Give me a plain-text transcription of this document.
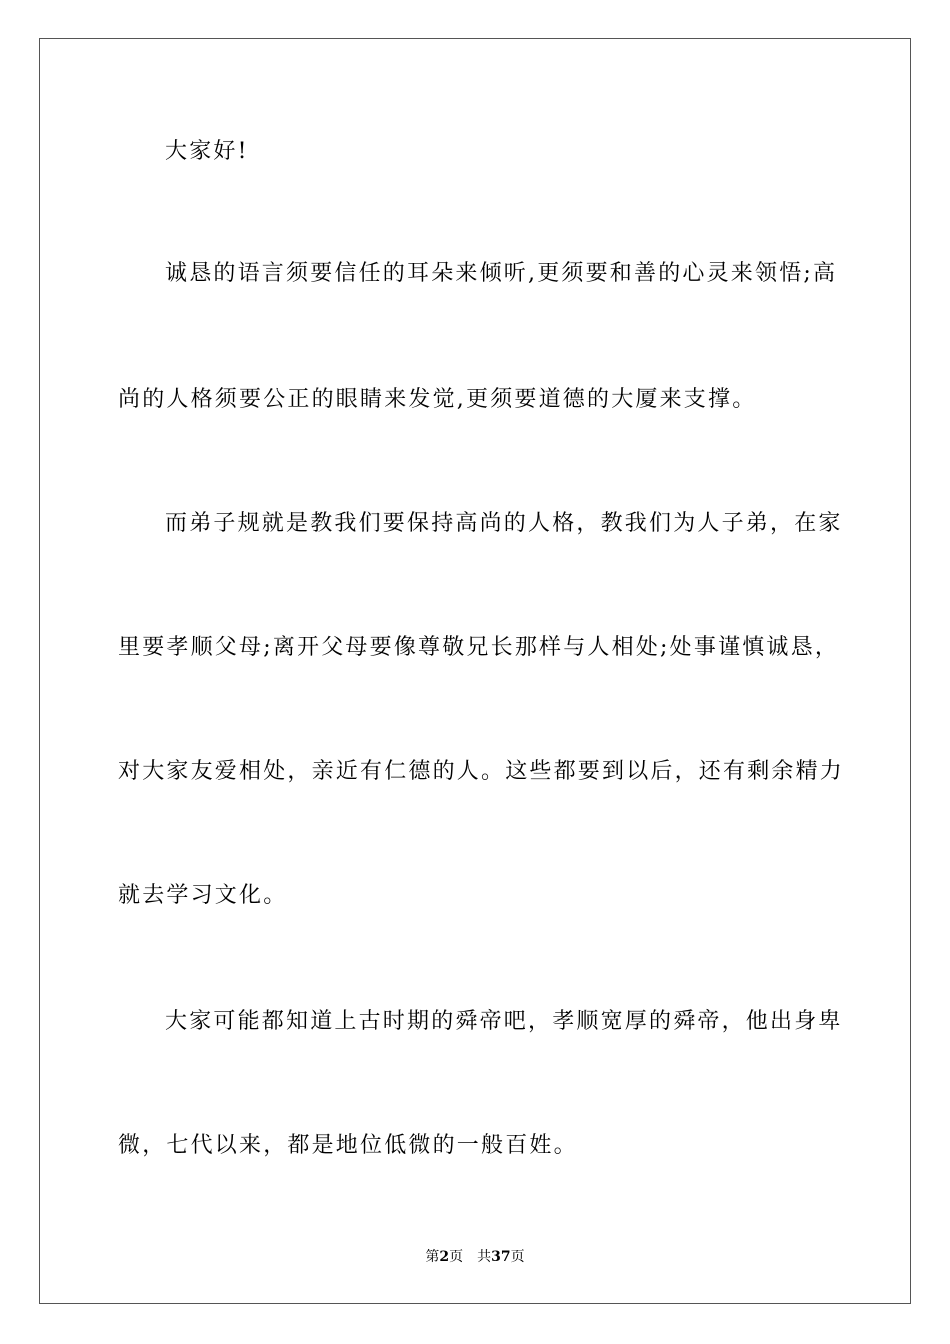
大家好!
诚恳的语言须要信任的耳朵来倾听,更须要和善的心灵来领悟;高
尚的人格须要公正的眼睛来发觉,更须要道德的大厦来支撑。
而弟子规就是教我们要保持高尚的人格，教我们为人子弟，在家
里要孝顺父母;离开父母要像尊敬兄长那样与人相处;处事谨慎诚恳，
对大家友爱相处，亲近有仁德的人。这些都要到以后，还有剩余精力
就去学习文化。
大家可能都知道上古时期的舜帝吧，孝顺宽厚的舜帝，他出身卑
微，七代以来，都是地位低微的一般百姓。
第2页 共37页
